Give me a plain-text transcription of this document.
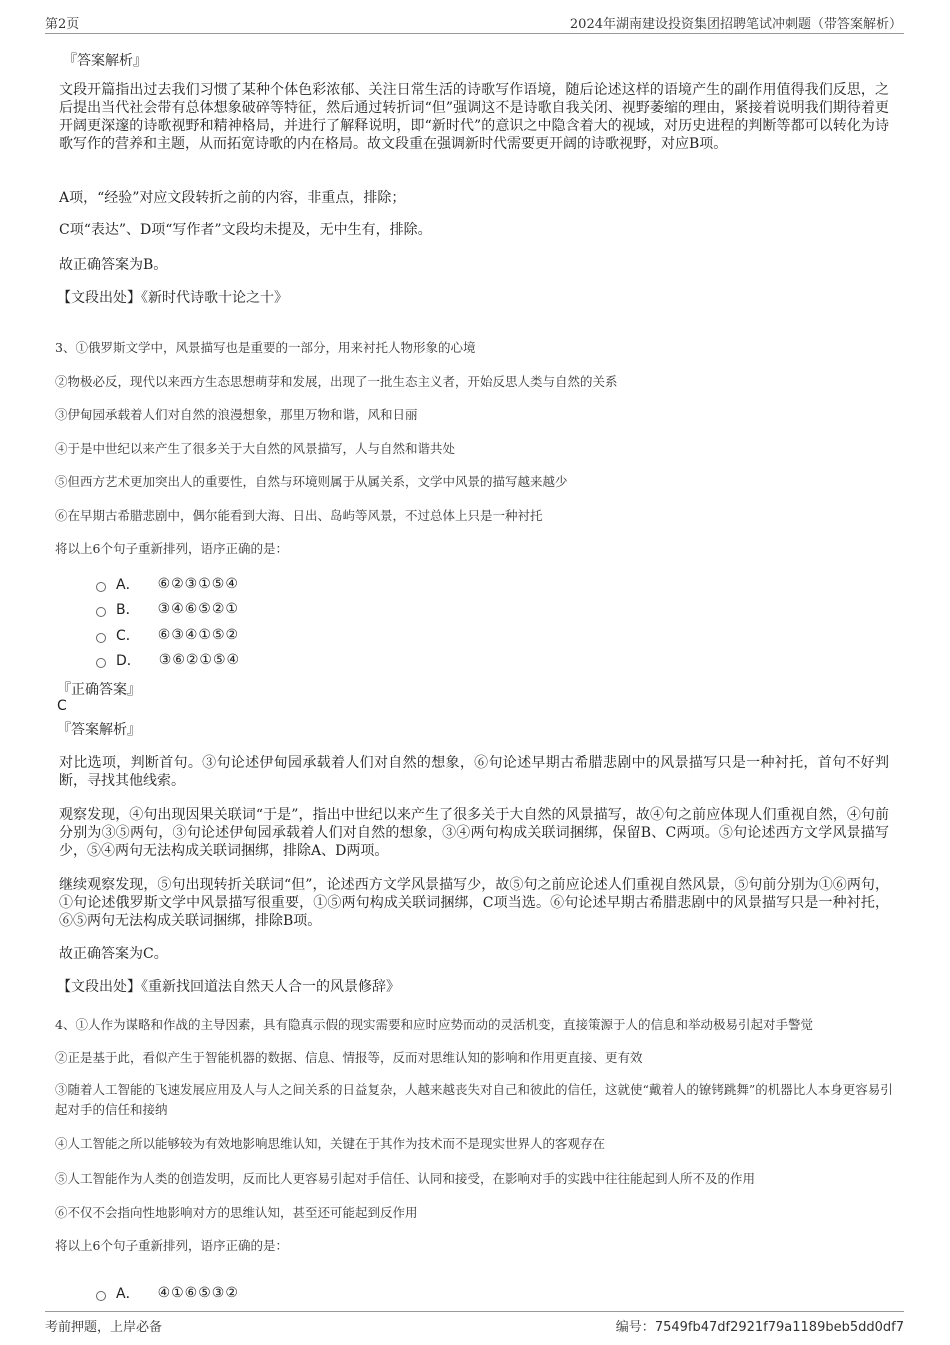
第2页	2024年湖南建设投资集团招聘笔试冲刺题（带答案解析）
『答案解析』
文段开篇指出过去我们习惯了某种个体色彩浓郁、关注日常生活的诗歌写作语境，随后论述这样的语境产生的副作用值得我们反思，之后提出当代社会带有总体想象破碎等特征，然后通过转折词“但”强调这不是诗歌自我关闭、视野萎缩的理由，紧接着说明我们期待着更开阔更深邃的诗歌视野和精神格局，并进行了解释说明，即“新时代”的意识之中隐含着大的视域，对历史进程的判断等都可以转化为诗歌写作的营养和主题，从而拓宽诗歌的内在格局。故文段重在强调新时代需要更开阔的诗歌视野，对应B项。
A项，“经验”对应文段转折之前的内容，非重点，排除；
C项“表达”、D项“写作者”文段均未提及，无中生有，排除。
故正确答案为B。
【文段出处】《新时代诗歌十论之十》
3、①俄罗斯文学中，风景描写也是重要的一部分，用来衬托人物形象的心境
②物极必反，现代以来西方生态思想萌芽和发展，出现了一批生态主义者，开始反思人类与自然的关系
③伊甸园承载着人们对自然的浪漫想象，那里万物和谐，风和日丽
④于是中世纪以来产生了很多关于大自然的风景描写，人与自然和谐共处
⑤但西方艺术更加突出人的重要性，自然与环境则属于从属关系，文学中风景的描写越来越少
⑥在早期古希腊悲剧中，偶尔能看到大海、日出、岛屿等风景，不过总体上只是一种衬托
将以上6个句子重新排列，语序正确的是：
A． ⑥②③①⑤④
B． ③④⑥⑤②①
C． ⑥③④①⑤②
D． ③⑥②①⑤④
『正确答案』
C
『答案解析』
对比选项，判断首句。③句论述伊甸园承载着人们对自然的想象，⑥句论述早期古希腊悲剧中的风景描写只是一种衬托，首句不好判断，寻找其他线索。
观察发现，④句出现因果关联词“于是”，指出中世纪以来产生了很多关于大自然的风景描写，故④句之前应体现人们重视自然，④句前分别为③⑤两句，③句论述伊甸园承载着人们对自然的想象，③④两句构成关联词捆绑，保留B、C两项。⑤句论述西方文学风景描写少，⑤④两句无法构成关联词捆绑，排除A、D两项。
继续观察发现，⑤句出现转折关联词“但”，论述西方文学风景描写少，故⑤句之前应论述人们重视自然风景，⑤句前分别为①⑥两句，①句论述俄罗斯文学中风景描写很重要，①⑤两句构成关联词捆绑，C项当选。⑥句论述早期古希腊悲剧中的风景描写只是一种衬托，⑥⑤两句无法构成关联词捆绑，排除B项。
故正确答案为C。
【文段出处】《重新找回道法自然天人合一的风景修辞》
4、①人作为谋略和作战的主导因素，具有隐真示假的现实需要和应时应势而动的灵活机变，直接策源于人的信息和举动极易引起对手警觉
②正是基于此，看似产生于智能机器的数据、信息、情报等，反而对思维认知的影响和作用更直接、更有效
③随着人工智能的飞速发展应用及人与人之间关系的日益复杂，人越来越丧失对自己和彼此的信任，这就使“戴着人的镣铐跳舞”的机器比人本身更容易引起对手的信任和接纳
④人工智能之所以能够较为有效地影响思维认知，关键在于其作为技术而不是现实世界人的客观存在
⑤人工智能作为人类的创造发明，反而比人更容易引起对手信任、认同和接受，在影响对手的实践中往往能起到人所不及的作用
⑥不仅不会指向性地影响对方的思维认知，甚至还可能起到反作用
将以上6个句子重新排列，语序正确的是：
A． ④①⑥⑤③②
考前押题，上岸必备	编号：7549fb47df2921f79a1189beb5dd0df7
